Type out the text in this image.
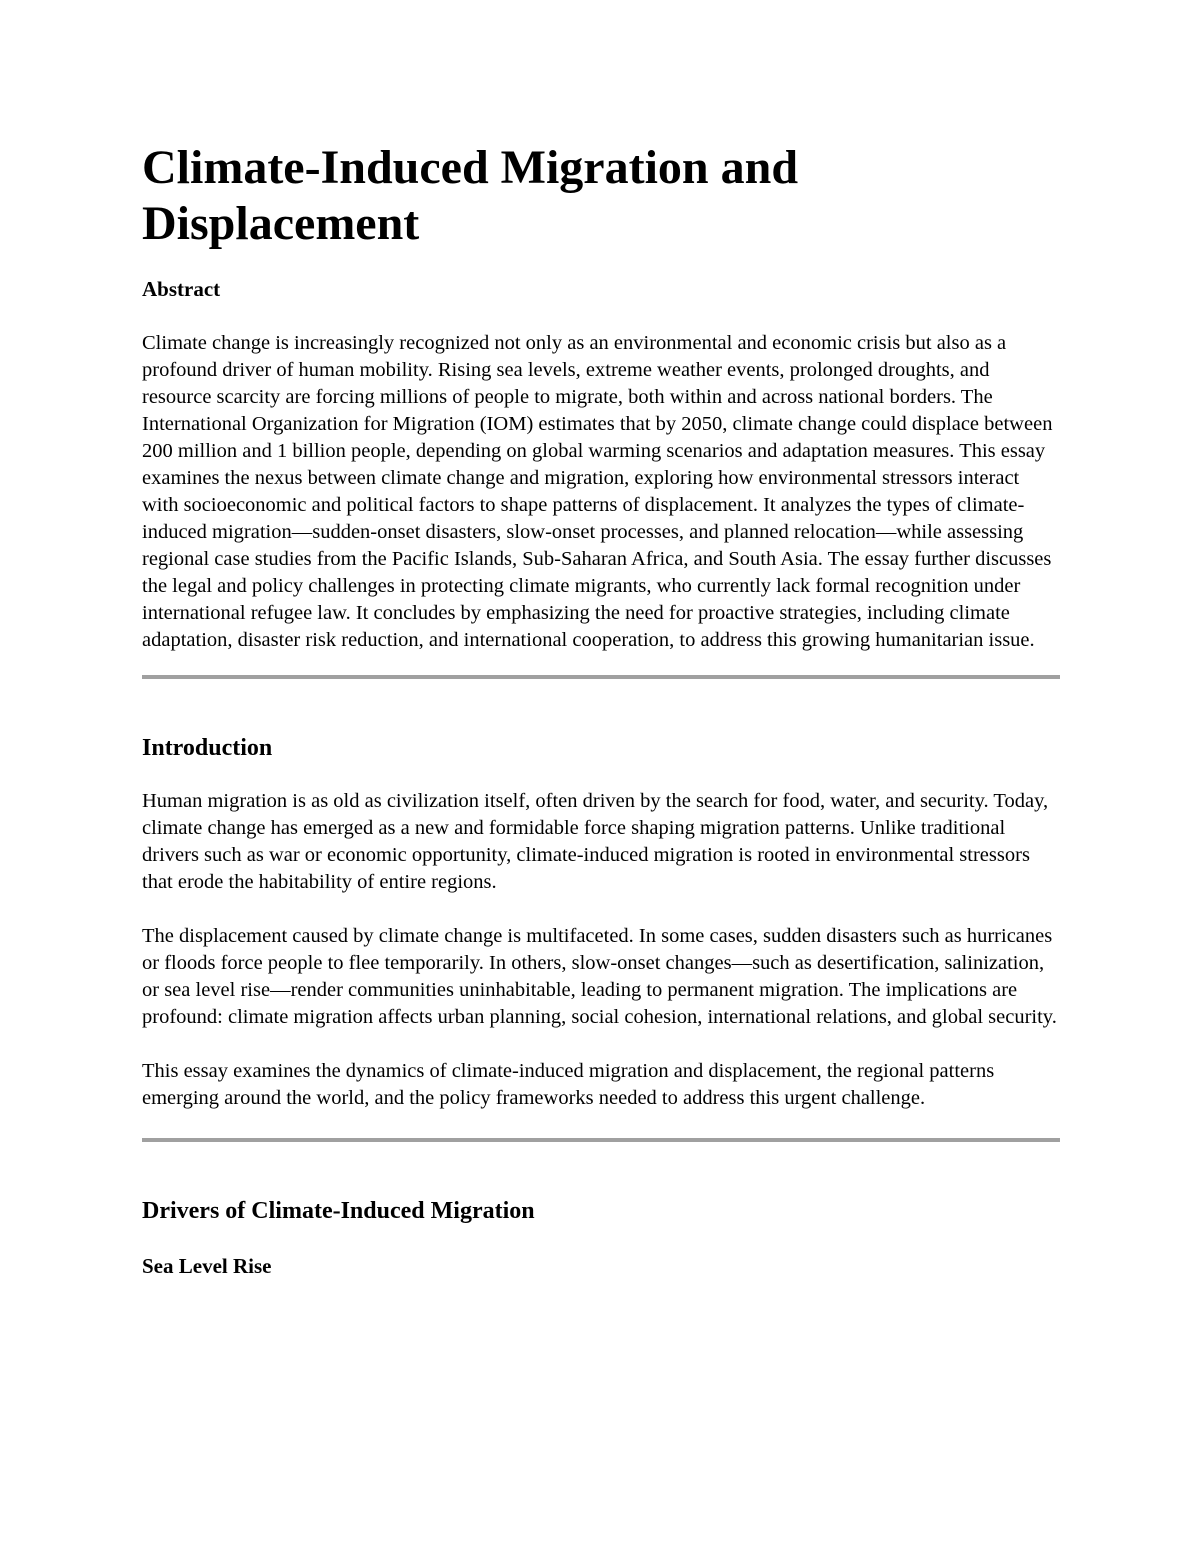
Climate-Induced Migration and Displacement
Abstract

Climate change is increasingly recognized not only as an environmental and economic crisis but also as a profound driver of human mobility. Rising sea levels, extreme weather events, prolonged droughts, and resource scarcity are forcing millions of people to migrate, both within and across national borders. The International Organization for Migration (IOM) estimates that by 2050, climate change could displace between 200 million and 1 billion people, depending on global warming scenarios and adaptation measures. This essay examines the nexus between climate change and migration, exploring how environmental stressors interact with socioeconomic and political factors to shape patterns of displacement. It analyzes the types of climate-induced migration—sudden-onset disasters, slow-onset processes, and planned relocation—while assessing regional case studies from the Pacific Islands, Sub-Saharan Africa, and South Asia. The essay further discusses the legal and policy challenges in protecting climate migrants, who currently lack formal recognition under international refugee law. It concludes by emphasizing the need for proactive strategies, including climate adaptation, disaster risk reduction, and international cooperation, to address this growing humanitarian issue.

Introduction

Human migration is as old as civilization itself, often driven by the search for food, water, and security. Today, climate change has emerged as a new and formidable force shaping migration patterns. Unlike traditional drivers such as war or economic opportunity, climate-induced migration is rooted in environmental stressors that erode the habitability of entire regions.

The displacement caused by climate change is multifaceted. In some cases, sudden disasters such as hurricanes or floods force people to flee temporarily. In others, slow-onset changes—such as desertification, salinization, or sea level rise—render communities uninhabitable, leading to permanent migration. The implications are profound: climate migration affects urban planning, social cohesion, international relations, and global security.

This essay examines the dynamics of climate-induced migration and displacement, the regional patterns emerging around the world, and the policy frameworks needed to address this urgent challenge.

Drivers of Climate-Induced Migration
Sea Level Rise
